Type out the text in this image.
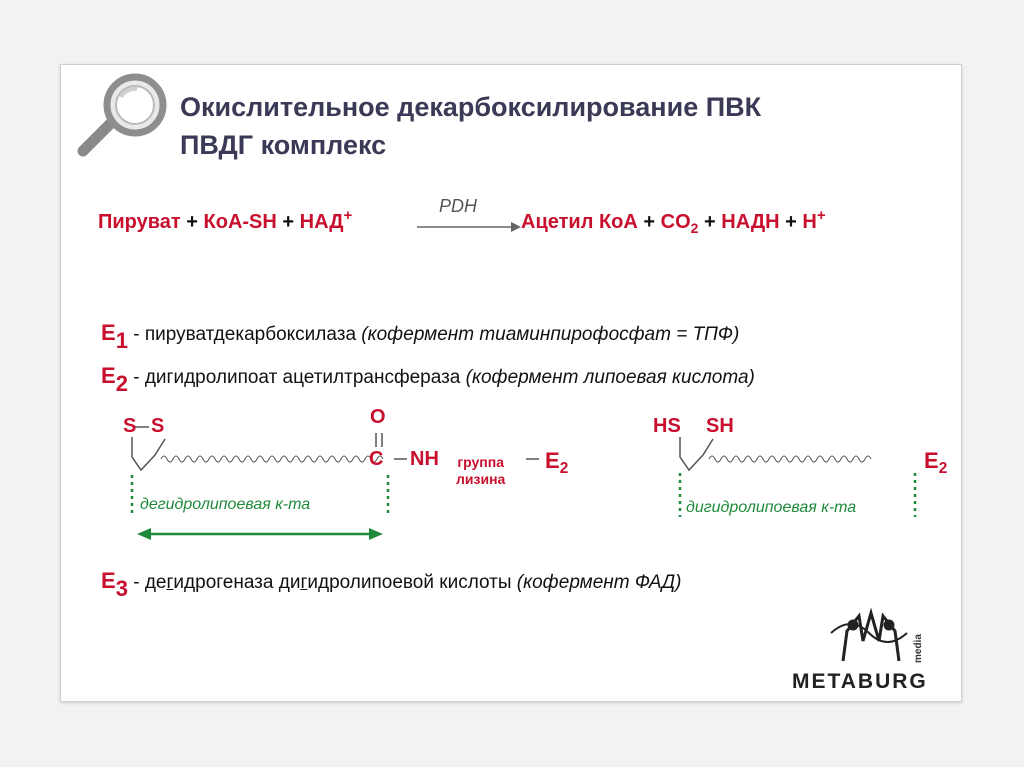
Окислительное декарбоксилирование ПВК
ПВДГ комплекс
Пируват + КоА-SH + НАД+	PDH
Ацетил КоА + $CO_2$ + НАДН + H+
E1 - пируватдекарбоксилаза (кофермент тиаминпирофосфат = ТПФ)
E2 - дигидролипоат ацетилтрансфераза (кофермент липоевая кислота)
S S	O
C NH группа
лизина
$E_2$
дегидролипоевая к-та
HS SH
$E_2$
дигидролипоевая к-та
E3 - дегидрогеназа дигидролипоевой кислоты (кофермент ФАД)
media
METABURG
